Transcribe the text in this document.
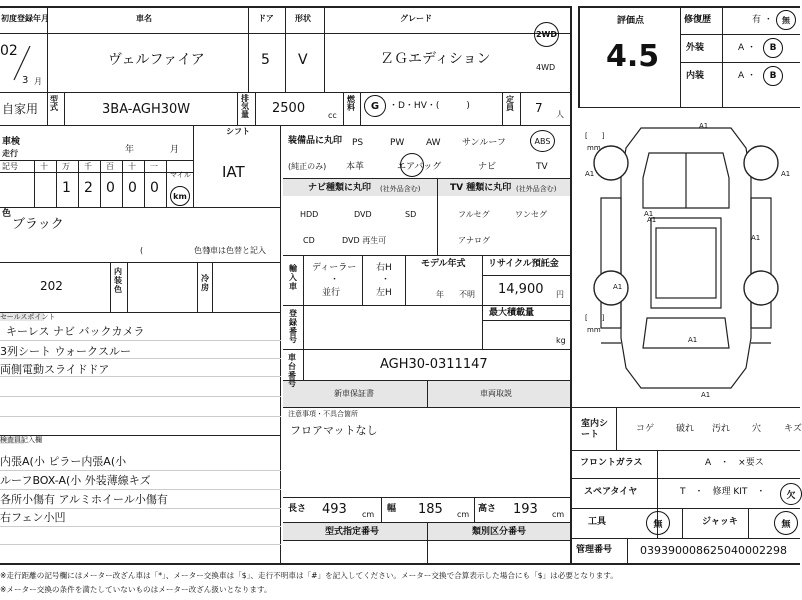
初度登録年月
02
3 月
車名
ヴェルファイア
ドア
5
形状
V
グレード
ＺＧエディション
2WD
4WD
自家用
型式	3BA-AGH30W
排気量 2500	cc
燃料	G	・D・HV・(　　　)
定員 7 人
評価点
4.5
修復歴	有 ・	無
外装	A ・	B
内装	A ・	B
車検
年	月
走行
記号	十 万 千 百 十 一
1 2 0 0 0
マイル
km
シフト
IAT
装備品に丸印
(純正のみ)
PS	PW AW サンルーフ	ABS
本革	エアバッグ	ナビ	TV
ナビ種類に丸印 (社外品含む)
HDD	DVD	SD
CD	DVD 再生可
TV 種類に丸印 (社外品含む)
フルセグ	ワンセグ
アナログ
色
ブラック
(　　　　　　　　)
色替車は色替と記入
202
内装色
冷房
輸入車
ディーラー
・
並行
右H
・
左H
モデル年式
年 不明
リサイクル預託金
14,900 円
登録番号
最大積載量
kg
車台番号
AGH30-0311147
新車保証書	車両取説
注意事項・不具合箇所
フロアマットなし
長さ 493 cm
幅 185 cm
高さ 193 cm
型式指定番号	類別区分番号
セールスポイント
キーレス ナビ バックカメラ
3列シート ウォークスルー
両側電動スライドドア
検査員記入欄
内張A(小 ピラー内張A(小
ルーフBOX-A(小 外装薄線キズ
各所小傷有 アルミホイール小傷有
右フェン小凹
A1
A1	A1
A1
A1
A1
A1
A1
A1
[　　]
mm
[　　]
mm
室内シート
コゲ 破れ 汚れ 穴	キズ
フロントガラス	A　・　×要ス
スペアタイヤ	T　・　修理 KIT　・	欠
工具	無	ジャッキ	無
管理番号	039390008625040002298
※走行距離の記号欄にはメーター改ざん車は「*」、メーター交換車は「$」、走行不明車は「#」を記入してください。メーター交換で合算表示した場合にも「$」は必要となります。
※メーター交換の条件を満たしていないものはメーター改ざん扱いとなります。
